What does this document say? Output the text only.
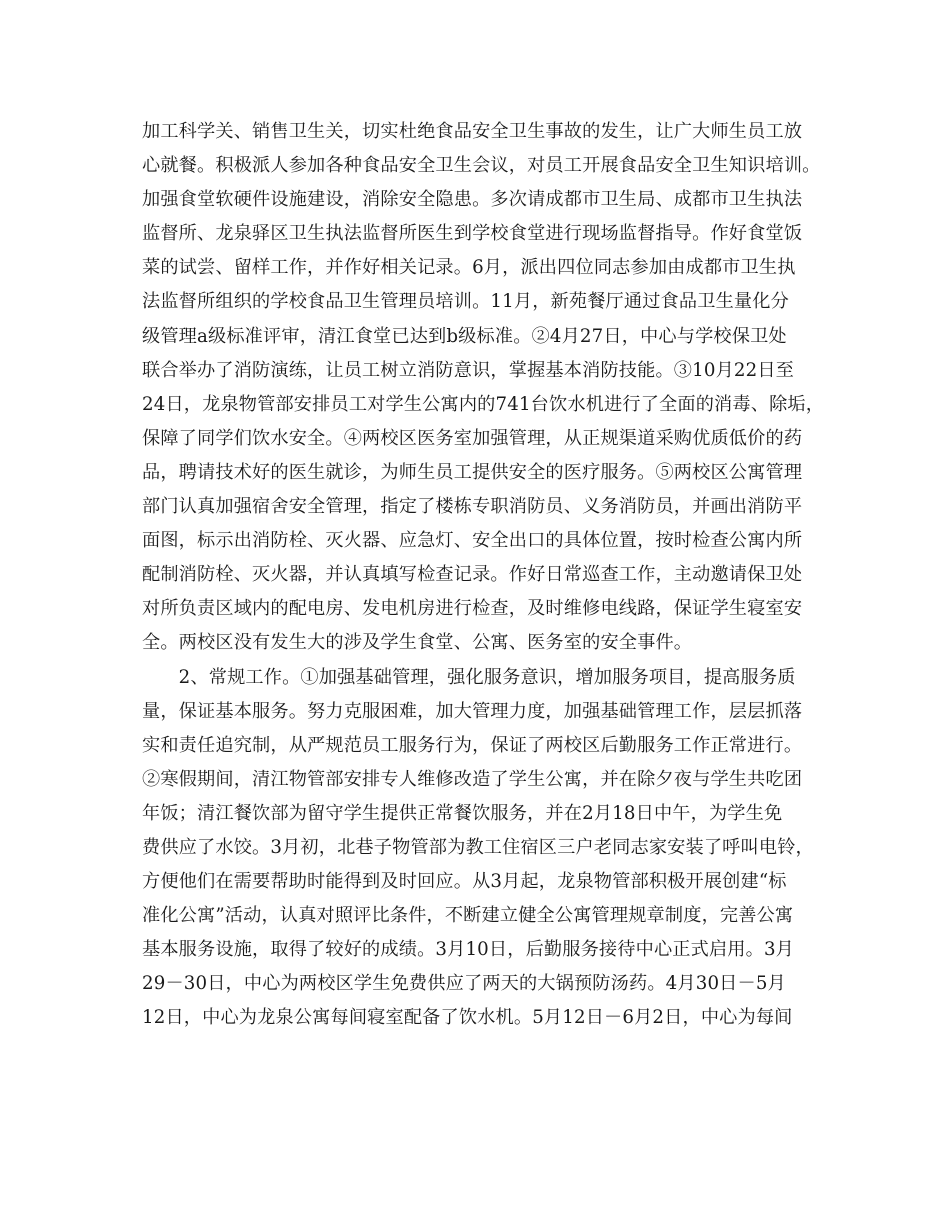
加工科学关、销售卫生关，切实杜绝食品安全卫生事故的发生，让广大师生员工放
心就餐。积极派人参加各种食品安全卫生会议，对员工开展食品安全卫生知识培训。
加强食堂软硬件设施建设，消除安全隐患。多次请成都市卫生局、成都市卫生执法
监督所、龙泉驿区卫生执法监督所医生到学校食堂进行现场监督指导。作好食堂饭
菜的试尝、留样工作，并作好相关记录。6月，派出四位同志参加由成都市卫生执
法监督所组织的学校食品卫生管理员培训。11月，新苑餐厅通过食品卫生量化分
级管理a级标准评审，清江食堂已达到b级标准。②4月27日，中心与学校保卫处
联合举办了消防演练，让员工树立消防意识，掌握基本消防技能。③10月22日至
24日，龙泉物管部安排员工对学生公寓内的741台饮水机进行了全面的消毒、除垢，
保障了同学们饮水安全。④两校区医务室加强管理，从正规渠道采购优质低价的药
品，聘请技术好的医生就诊，为师生员工提供安全的医疗服务。⑤两校区公寓管理
部门认真加强宿舍安全管理，指定了楼栋专职消防员、义务消防员，并画出消防平
面图，标示出消防栓、灭火器、应急灯、安全出口的具体位置，按时检查公寓内所
配制消防栓、灭火器，并认真填写检查记录。作好日常巡查工作，主动邀请保卫处
对所负责区域内的配电房、发电机房进行检查，及时维修电线路，保证学生寝室安
全。两校区没有发生大的涉及学生食堂、公寓、医务室的安全事件。
　　2、常规工作。①加强基础管理，强化服务意识，增加服务项目，提高服务质
量，保证基本服务。努力克服困难，加大管理力度，加强基础管理工作，层层抓落
实和责任追究制，从严规范员工服务行为，保证了两校区后勤服务工作正常进行。
②寒假期间，清江物管部安排专人维修改造了学生公寓，并在除夕夜与学生共吃团
年饭；清江餐饮部为留守学生提供正常餐饮服务，并在2月18日中午，为学生免
费供应了水饺。3月初，北巷子物管部为教工住宿区三户老同志家安装了呼叫电铃，
方便他们在需要帮助时能得到及时回应。从3月起，龙泉物管部积极开展创建“标
准化公寓”活动，认真对照评比条件，不断建立健全公寓管理规章制度，完善公寓
基本服务设施，取得了较好的成绩。3月10日，后勤服务接待中心正式启用。3月
29－30日，中心为两校区学生免费供应了两天的大锅预防汤药。4月30日－5月
12日，中心为龙泉公寓每间寝室配备了饮水机。5月12日－6月2日，中心为每间
